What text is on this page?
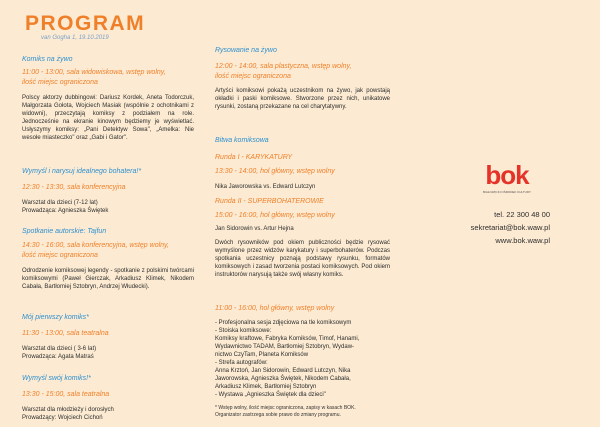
PROGRAM
van Gogha 1, 19.10.2019
Komiks na żywo
11:00 - 13:00, sala widowiskowa, wstęp wolny,
ilość miejsc ograniczona
Polscy aktorzy dubbingowi: Dariusz Kordek, Aneta Todorczuk, Małgorzata Gołota, Wojciech Masiak (wspólnie z ochotnikami z widowni), przeczytają komiksy z podziałem na role. Jednocześnie na ekranie kinowym będziemy je wyświetlać. Usłyszymy komiksy: „Pani Detektyw Sowa", „Amelka: Nie wesołe miasteczko" oraz „Gabi i Gator".
Wymyśl i narysuj idealnego bohatera!*
12:30 - 13:30, sala konferencyjna
Warsztat dla dzieci (7-12 lat)
Prowadząca: Agnieszka Świętek
Spotkanie autorskie: Tajfun
14:30 - 16:00, sala konferencyjna, wstęp wolny,
ilość miejsc ograniczona
Odrodzenie komiksowej legendy - spotkanie z polskimi twórcami komiksowymi (Paweł Gierczak, Arkadiusz Klimek, Nikodem Cabała, Bartłomiej Sztobryn, Andrzej Włudecki).
Mój pierwszy komiks*
11:30 - 13:00, sala teatralna
Warsztat dla dzieci ( 3-6 lat)
Prowadząca: Agata Matraś
Wymyśl swój komiks!*
13:30 - 15:00, sala teatralna
Warsztat dla młodzieży i dorosłych
Prowadzący: Wojciech Cichoń
Rysowanie na żywo
12:00 - 14:00, sala plastyczna, wstęp wolny,
ilość miejsc ograniczona
Artyści komiksowi pokażą uczestnikom na żywo, jak powstają okładki i paski komiksowe. Stworzone przez nich, unikatowe rysunki, zostaną przekazane na cel charytatywny.
Bitwa komiksowa
Runda I - KARYKATURY
13:30 - 14:00, hol główny, wstęp wolny
Nika Jaworowska vs. Edward Lutczyn
Runda II - SUPERBOHATEROWIE
15:00 - 16:00, hol główny, wstęp wolny
Jan Sidorowin vs. Artur Hejna
Dwóch rysowników pod okiem publiczności będzie rysować wymyślone przez widzów karykatury i superbohaterów. Podczas spotkania uczestnicy poznają podstawy rysunku, formatów komiksowych i zasad tworzenia postaci komiksowych. Pod okiem instruktorów narysują także swój własny komiks.
11:00 - 16:00, hol główny, wstęp wolny
- Profesjonalna sesja zdjęciowa na tle komiksowym
- Stoiska komiksowe:
Komiksy kraftowe, Fabryka Komiksów, Timof, Hanami,
Wydawnictwo TADAM, Bartłomiej Sztobryn, Wydaw-
nictwo CzyTam, Planeta Komiksów
- Strefa autografów:
Anna Krztoń, Jan Sidorowin, Edward Lutczyn, Nika
Jaworowska, Agnieszka Świętek, Nikodem Cabała,
Arkadiusz Klimek, Bartłomiej Sztobryn
- Wystawa „Agnieszka Świętek dla dzieci"
* Wstęp wolny, ilość miejsc ograniczona, zapisy w kasach BOK.
Organizator zastrzega sobie prawo do zmiany programu.
bok
BIAŁOŁĘCKI OŚRODEK KULTURY
tel. 22 300 48 00
sekretariat@bok.waw.pl
www.bok.waw.pl
